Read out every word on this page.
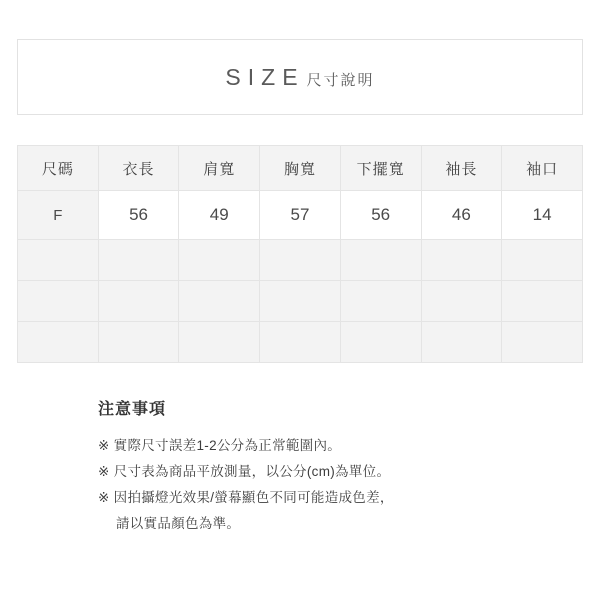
SIZE 尺寸說明
尺碼	衣長	肩寬	胸寬	下擺寬	袖長	袖口
F	56	49	57	56	46	14

注意事項
※ 實際尺寸誤差1-2公分為正常範圍內。
※ 尺寸表為商品平放測量，以公分(cm)為單位。
※ 因拍攝燈光效果/螢幕顯色不同可能造成色差，
請以實品顏色為準。
